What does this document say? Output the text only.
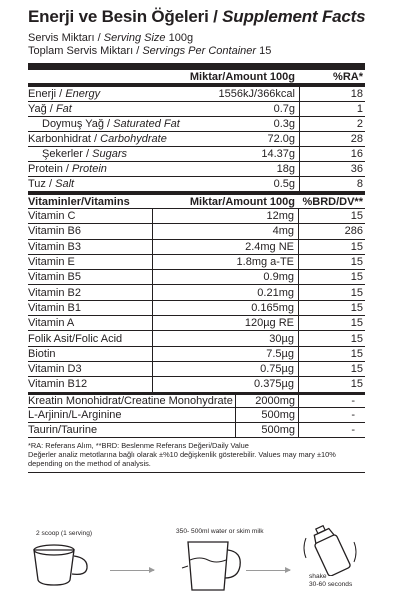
Enerji ve Besin Öğeleri / Supplement Facts
Servis Miktarı / Serving Size 100g
Toplam Servis Miktarı / Servings Per Container 15
Miktar/Amount 100g	%RA*
Enerji / Energy	1556kJ/366kcal	18
Yağ / Fat	0.7g	1
Doymuş Yağ / Saturated Fat	0.3g	2
Karbonhidrat / Carbohydrate	72.0g	28
Şekerler / Sugars	14.37g	16
Protein / Protein	18g	36
Tuz / Salt	0.5g	8
Vitaminler/Vitamins	Miktar/Amount 100g %BRD/DV**
Vitamin C	12mg	15
Vitamin B6	4mg	286
Vitamin B3	2.4mg NE	15
Vitamin E	1.8mg a-TE	15
Vitamin B5	0.9mg	15
Vitamin B2	0.21mg	15
Vitamin B1	0.165mg	15
Vitamin A	120µg RE	15
Folik Asit/Folic Acid	30µg	15
Biotin	7.5µg	15
Vitamin D3	0.75µg	15
Vitamin B12	0.375µg	15
Kreatin Monohidrat/Creatine Monohydrate	2000mg	-
L-Arjinin/L-Arginine	500mg	-
Taurin/Taurine	500mg	-
*RA: Referans Alım, **BRD: Beslenme Referans Değeri/Daily Value
Değerler analiz metotlarına bağlı olarak ±%10 değişkenlik gösterebilir. Values may mary ±10%
depending on the method of analysis.
2 scoop (1 serving)	350- 500ml water or skim milk
shake
30-60 seconds
